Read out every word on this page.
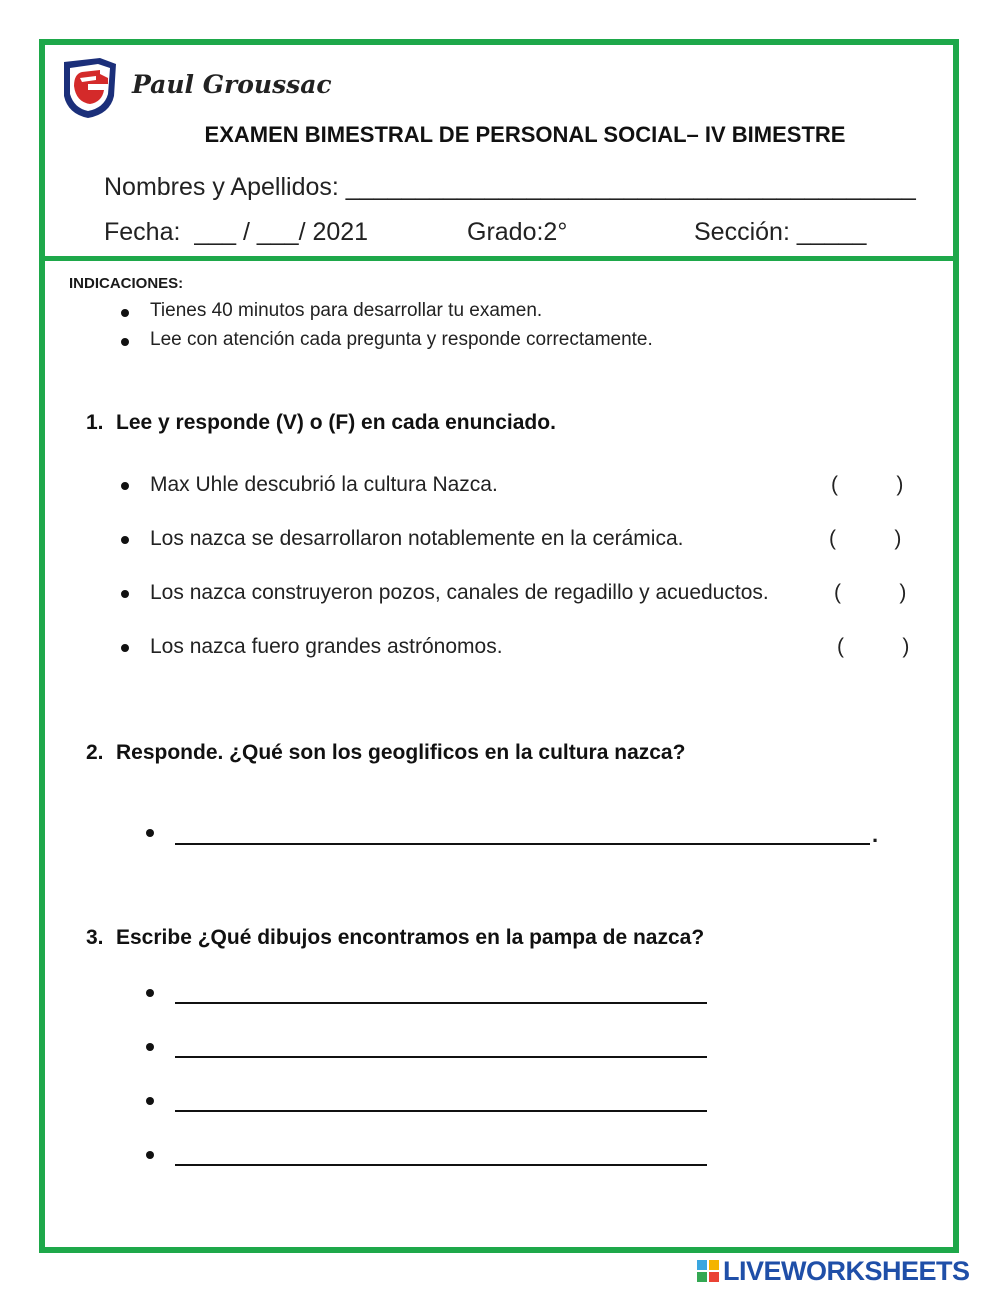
Paul Groussac
EXAMEN BIMESTRAL DE PERSONAL SOCIAL– IV BIMESTRE
Nombres y Apellidos: _________________________________________
Fecha:  ___ / ___/ 2021	Grado:2°	Sección: _____
INDICACIONES:
Tienes 40 minutos para desarrollar tu examen.
Lee con atención cada pregunta y responde correctamente.
1. Lee y responde (V) o (F) en cada enunciado.
Max Uhle descubrió la cultura Nazca.	(          )
Los nazca se desarrollaron notablemente en la cerámica.	(          )
Los nazca construyeron pozos, canales de regadillo y acueductos.	(          )
Los nazca fuero grandes astrónomos.	(          )
2. Responde. ¿Qué son los geoglificos en la cultura nazca?
.
3. Escribe ¿Qué dibujos encontramos en la pampa de nazca?
LIVEWORKSHEETS
